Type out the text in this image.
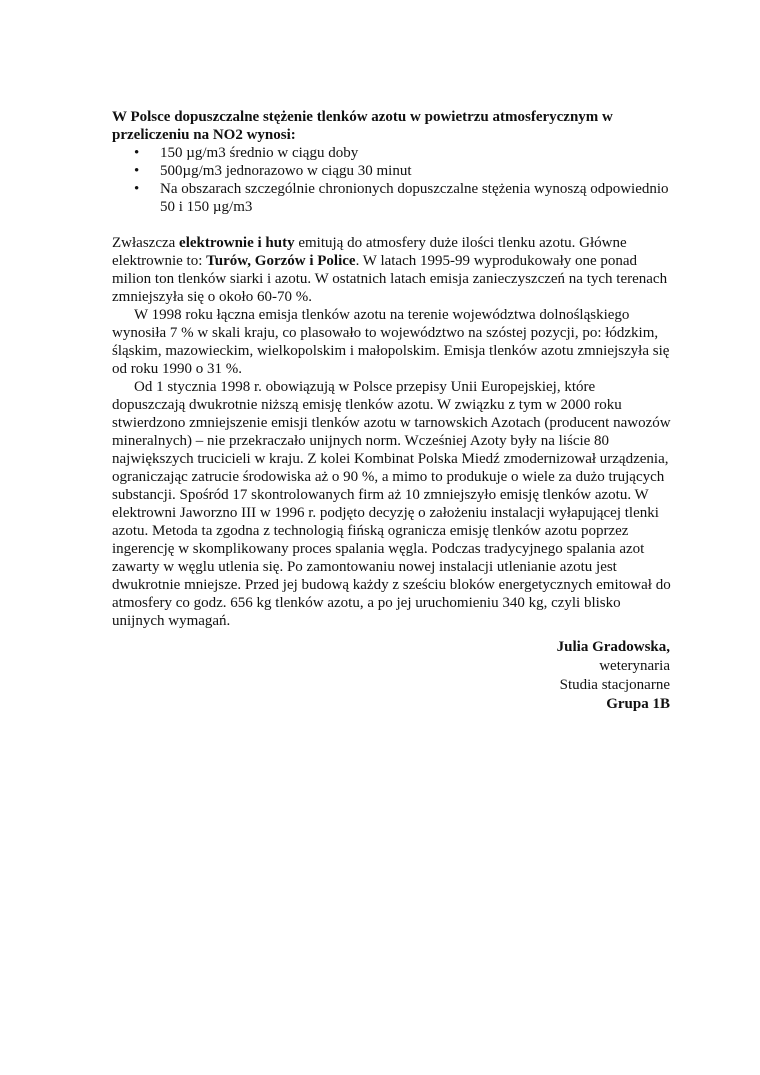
W Polsce dopuszczalne stężenie tlenków azotu w powietrzu atmosferycznym w przeliczeniu na NO2 wynosi:

• 150 µg/m3 średnio w ciągu doby
• 500µg/m3 jednorazowo w ciągu 30 minut
• Na obszarach szczególnie chronionych dopuszczalne stężenia wynoszą odpowiednio 50 i 150 µg/m3

Zwłaszcza elektrownie i huty emitują do atmosfery duże ilości tlenku azotu. Główne elektrownie to: Turów, Gorzów i Police. W latach 1995-99 wyprodukowały one ponad milion ton tlenków siarki i azotu. W ostatnich latach emisja zanieczyszczeń na tych terenach zmniejszyła się o około 60-70 %.

W 1998 roku łączna emisja tlenków azotu na terenie województwa dolnośląskiego wynosiła 7 % w skali kraju, co plasowało to województwo na szóstej pozycji, po: łódzkim, śląskim, mazowieckim, wielkopolskim i małopolskim. Emisja tlenków azotu zmniejszyła się od roku 1990 o 31 %.

Od 1 stycznia 1998 r. obowiązują w Polsce przepisy Unii Europejskiej, które dopuszczają dwukrotnie niższą emisję tlenków azotu. W związku z tym w 2000 roku stwierdzono zmniejszenie emisji tlenków azotu w tarnowskich Azotach (producent nawozów mineralnych) – nie przekraczało unijnych norm. Wcześniej Azoty były na liście 80 największych trucicieli w kraju. Z kolei Kombinat Polska Miedź zmodernizował urządzenia, ograniczając zatrucie środowiska aż o 90 %, a mimo to produkuje o wiele za dużo trujących substancji. Spośród 17 skontrolowanych firm aż 10 zmniejszyło emisję tlenków azotu. W elektrowni Jaworzno III w 1996 r. podjęto decyzję o założeniu instalacji wyłapującej tlenki azotu. Metoda ta zgodna z technologią fińską ogranicza emisję tlenków azotu poprzez ingerencję w skomplikowany proces spalania węgla. Podczas tradycyjnego spalania azot zawarty w węglu utlenia się. Po zamontowaniu nowej instalacji utlenianie azotu jest dwukrotnie mniejsze. Przed jej budową każdy z sześciu bloków energetycznych emitował do atmosfery co godz. 656 kg tlenków azotu, a po jej uruchomieniu 340 kg, czyli blisko unijnych wymagań.

Julia Gradowska,
weterynaria
Studia stacjonarne
Grupa 1B
